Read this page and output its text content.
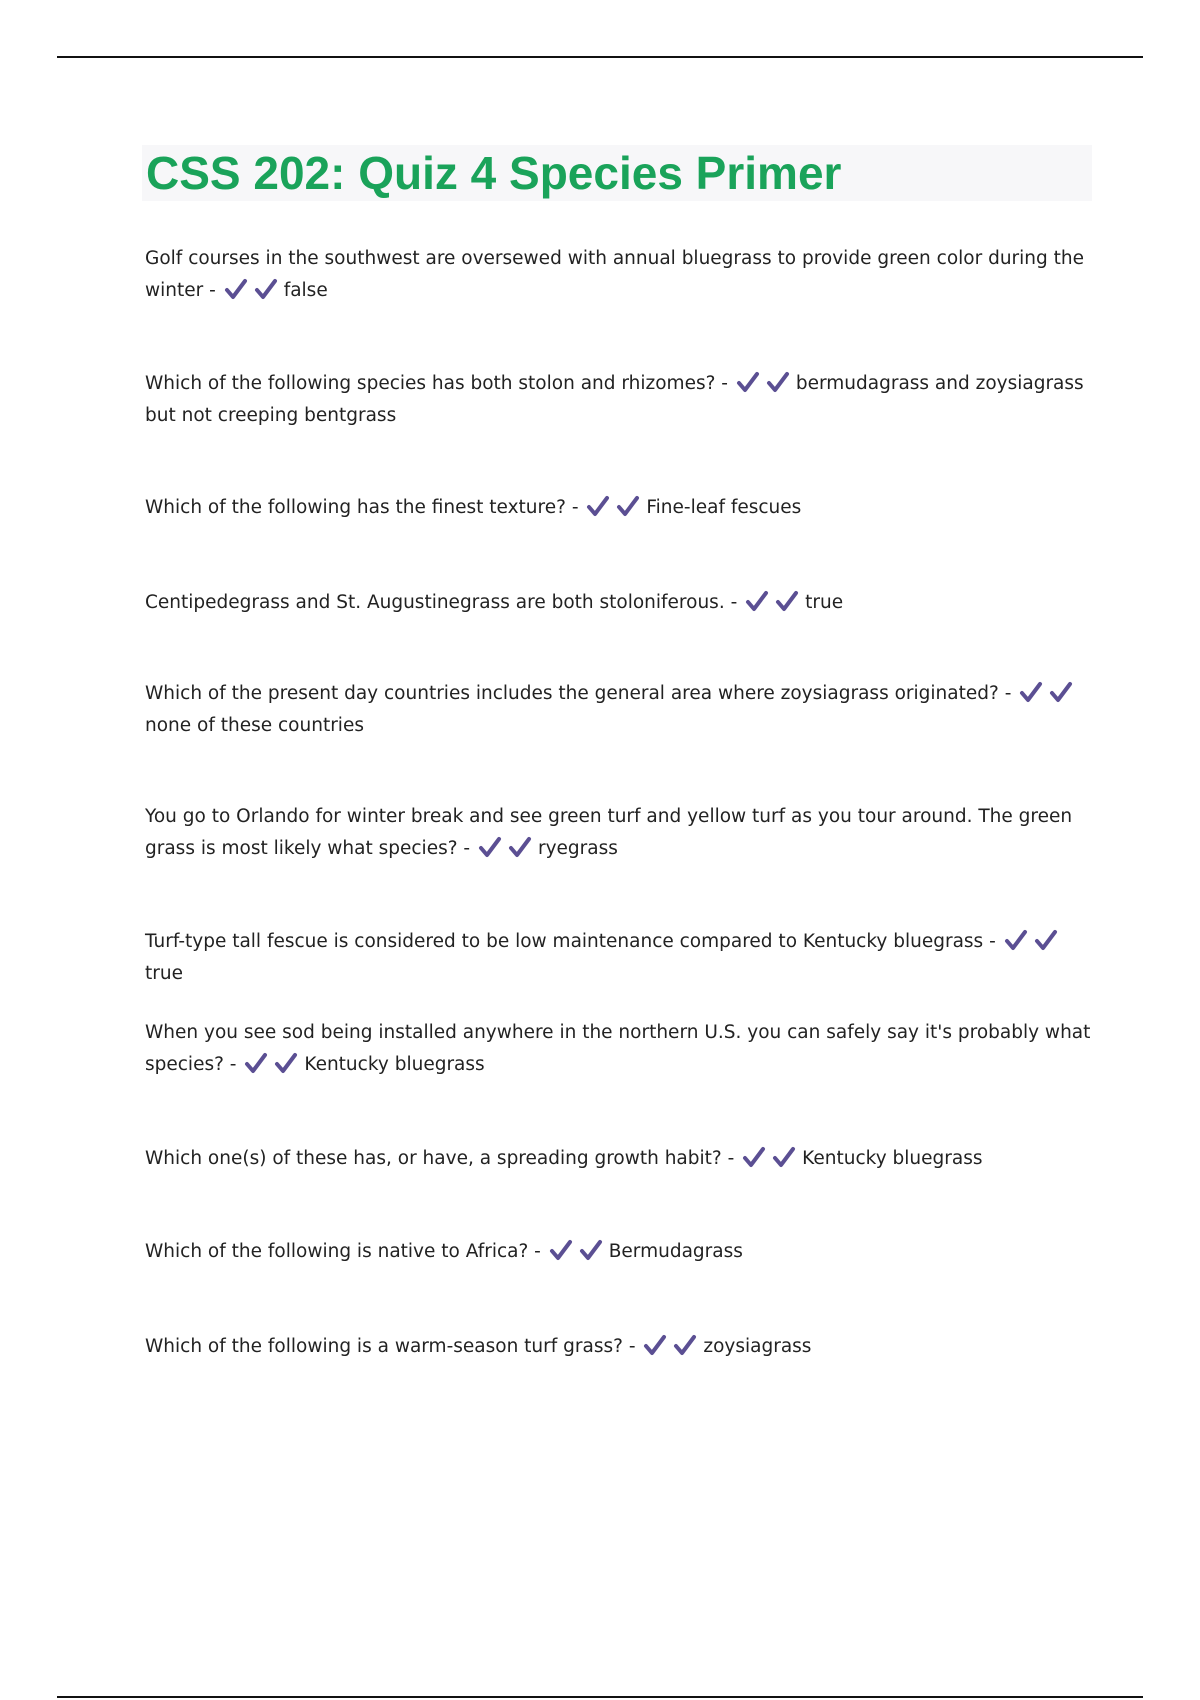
CSS 202: Quiz 4 Species Primer

Golf courses in the southwest are oversewed with annual bluegrass to provide green color during the winter -	false

Which of the following species has both stolon and rhizomes? -	bermudagrass and zoysiagrass but not creeping bentgrass

Which of the following has the finest texture? -	Fine-leaf fescues

Centipedegrass and St. Augustinegrass are both stoloniferous. -	true

Which of the present day countries includes the general area where zoysiagrass originated? -
none of these countries

You go to Orlando for winter break and see green turf and yellow turf as you tour around. The green grass is most likely what species? -	ryegrass

Turf-type tall fescue is considered to be low maintenance compared to Kentucky bluegrass -
true

When you see sod being installed anywhere in the northern U.S. you can safely say it's probably what species? -	Kentucky bluegrass

Which one(s) of these has, or have, a spreading growth habit? -	Kentucky bluegrass

Which of the following is native to Africa? -	Bermudagrass

Which of the following is a warm-season turf grass? -	zoysiagrass
